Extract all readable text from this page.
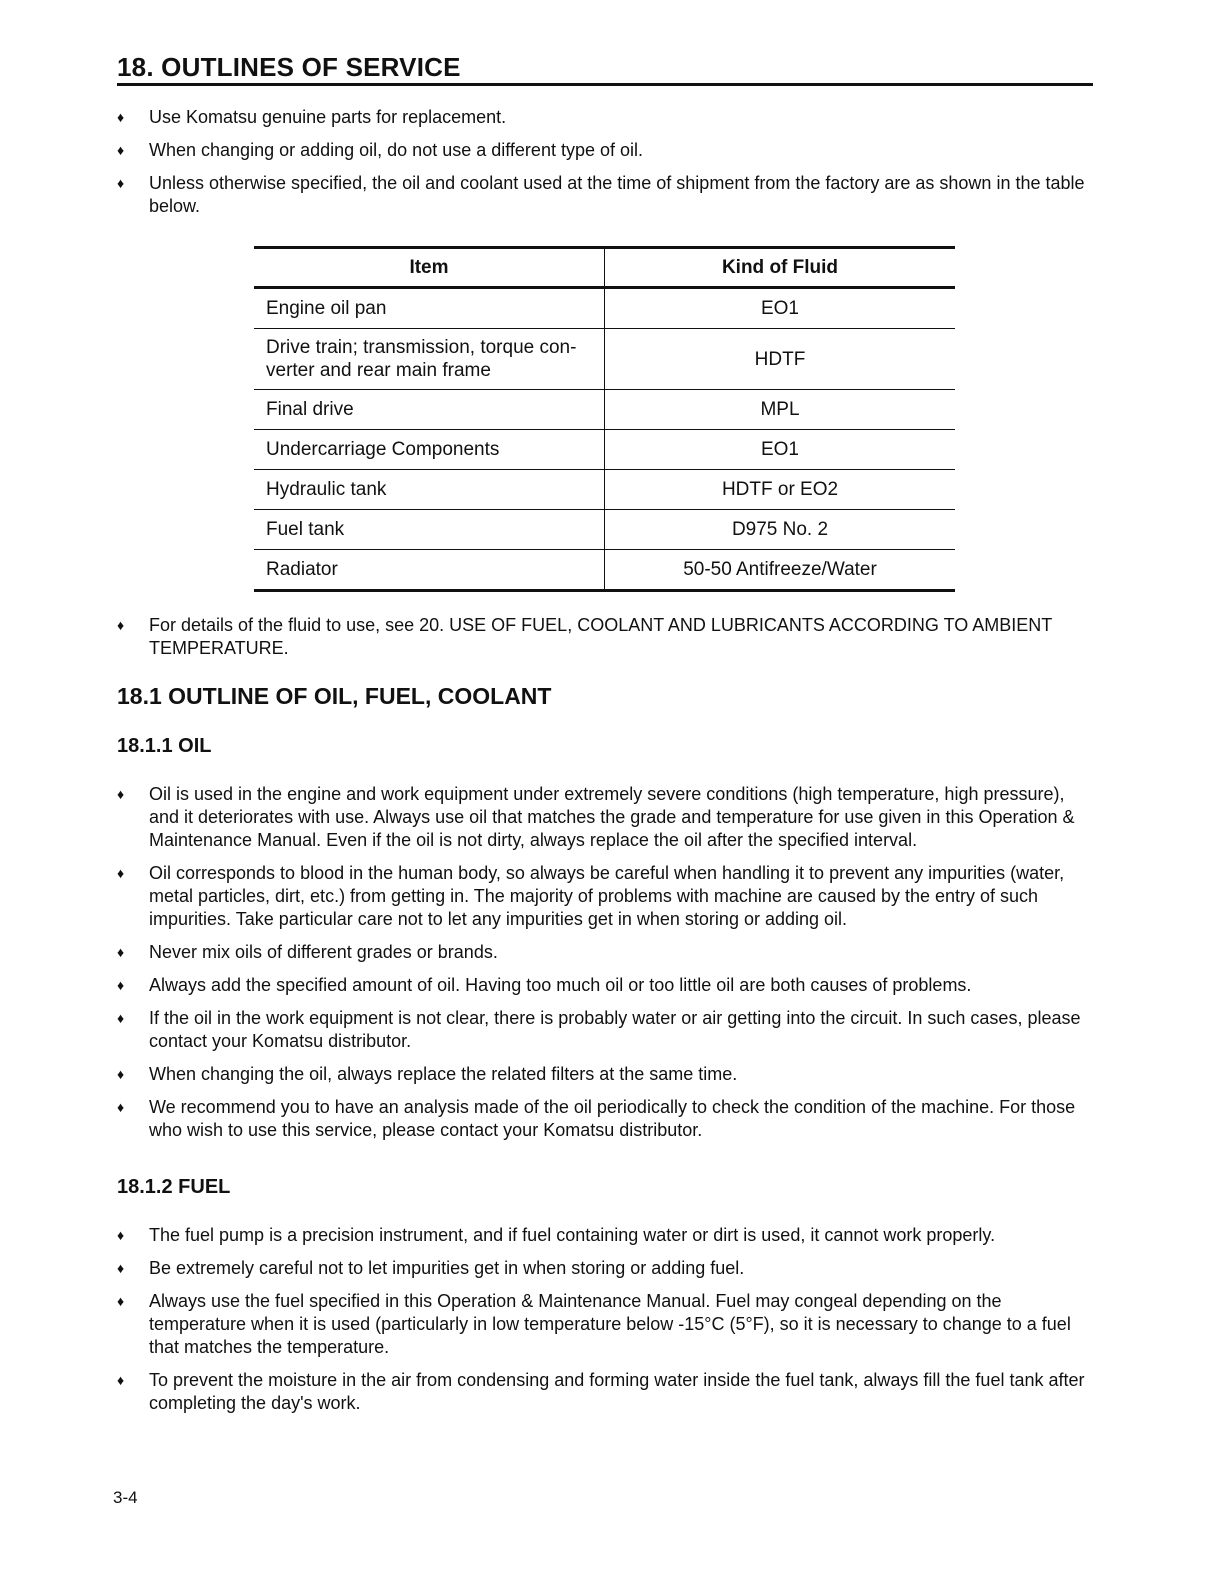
18. OUTLINES OF SERVICE
♦ Use Komatsu genuine parts for replacement.
♦ When changing or adding oil, do not use a different type of oil.
♦ Unless otherwise specified, the oil and coolant used at the time of shipment from the factory are as shown in the table below.
Item	Kind of Fluid
Engine oil pan	EO1
Drive train; transmission, torque con-verter and rear main frame	HDTF
Final drive	MPL
Undercarriage Components	EO1
Hydraulic tank	HDTF or EO2
Fuel tank	D975 No. 2
Radiator	50-50 Antifreeze/Water
♦ For details of the fluid to use, see 20. USE OF FUEL, COOLANT AND LUBRICANTS ACCORDING TO AMBIENT TEMPERATURE.
18.1 OUTLINE OF OIL, FUEL, COOLANT
18.1.1 OIL
♦ Oil is used in the engine and work equipment under extremely severe conditions (high temperature, high pressure), and it deteriorates with use. Always use oil that matches the grade and temperature for use given in this Operation & Maintenance Manual. Even if the oil is not dirty, always replace the oil after the specified interval.
♦ Oil corresponds to blood in the human body, so always be careful when handling it to prevent any impurities (water, metal particles, dirt, etc.) from getting in. The majority of problems with machine are caused by the entry of such impurities. Take particular care not to let any impurities get in when storing or adding oil.
♦ Never mix oils of different grades or brands.
♦ Always add the specified amount of oil. Having too much oil or too little oil are both causes of problems.
♦ If the oil in the work equipment is not clear, there is probably water or air getting into the circuit. In such cases, please contact your Komatsu distributor.
♦ When changing the oil, always replace the related filters at the same time.
♦ We recommend you to have an analysis made of the oil periodically to check the condition of the machine. For those who wish to use this service, please contact your Komatsu distributor.
18.1.2 FUEL
♦ The fuel pump is a precision instrument, and if fuel containing water or dirt is used, it cannot work properly.
♦ Be extremely careful not to let impurities get in when storing or adding fuel.
♦ Always use the fuel specified in this Operation & Maintenance Manual. Fuel may congeal depending on the temperature when it is used (particularly in low temperature below -15°C (5°F), so it is necessary to change to a fuel that matches the temperature.
♦ To prevent the moisture in the air from condensing and forming water inside the fuel tank, always fill the fuel tank after completing the day's work.
3-4
